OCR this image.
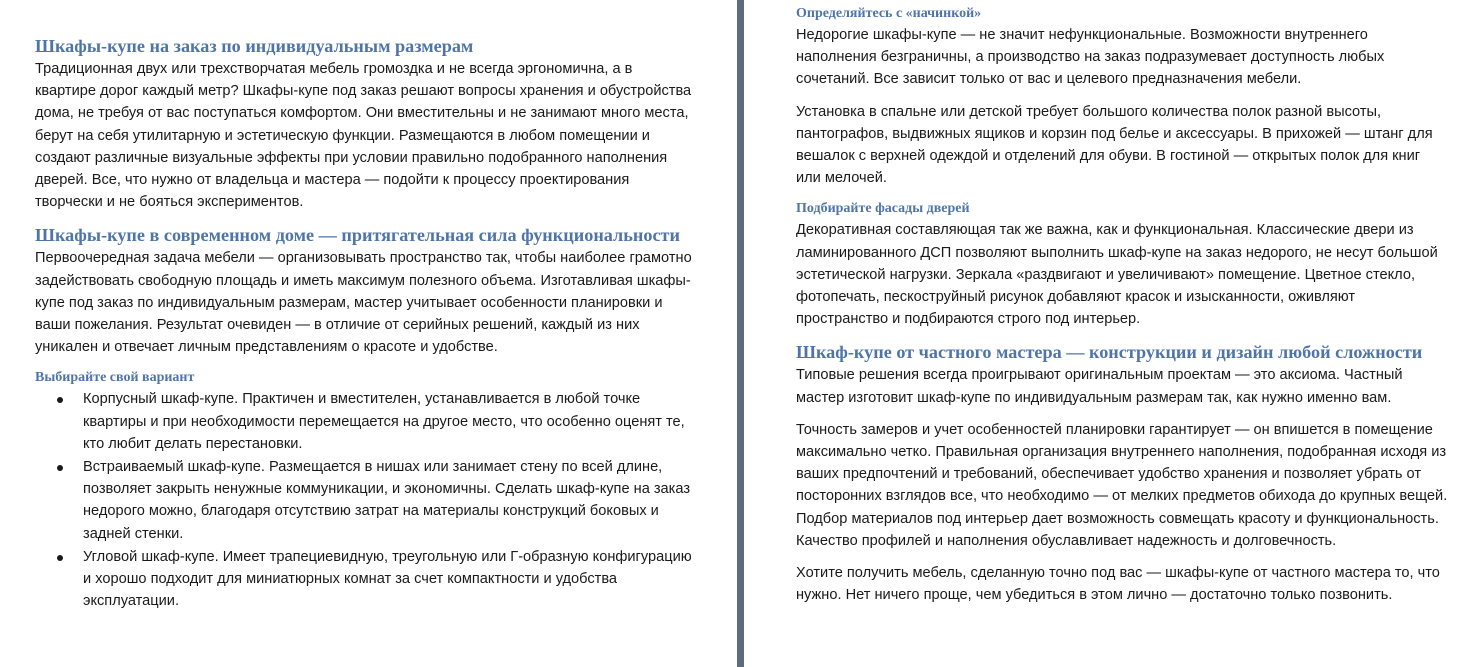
Шкафы-купе на заказ по индивидуальным размерам

Традиционная двух или трехстворчатая мебель громоздка и не всегда эргономична, а в квартире дорог каждый метр? Шкафы-купе под заказ решают вопросы хранения и обустройства дома, не требуя от вас поступаться комфортом. Они вместительны и не занимают много места, берут на себя утилитарную и эстетическую функции. Размещаются в любом помещении и создают различные визуальные эффекты при условии правильно подобранного наполнения дверей. Все, что нужно от владельца и мастера — подойти к процессу проектирования творчески и не бояться экспериментов.

Шкафы-купе в современном доме — притягательная сила функциональности

Первоочередная задача мебели — организовывать пространство так, чтобы наиболее грамотно задействовать свободную площадь и иметь максимум полезного объема. Изготавливая шкафы-купе под заказ по индивидуальным размерам, мастер учитывает особенности планировки и ваши пожелания. Результат очевиден — в отличие от серийных решений, каждый из них уникален и отвечает личным представлениям о красоте и удобстве.

Выбирайте свой вариант
Корпусный шкаф-купе. Практичен и вместителен, устанавливается в любой точке квартиры и при необходимости перемещается на другое место, что особенно оценят те, кто любит делать перестановки.
Встраиваемый шкаф-купе. Размещается в нишах или занимает стену по всей длине, позволяет закрыть ненужные коммуникации, и экономичны. Сделать шкаф-купе на заказ недорого можно, благодаря отсутствию затрат на материалы конструкций боковых и задней стенки.
Угловой шкаф-купе. Имеет трапециевидную, треугольную или Г-образную конфигурацию и хорошо подходит для миниатюрных комнат за счет компактности и удобства эксплуатации.
Определяйтесь с «начинкой»

Недорогие шкафы-купе — не значит нефункциональные. Возможности внутреннего наполнения безграничны, а производство на заказ подразумевает доступность любых сочетаний. Все зависит только от вас и целевого предназначения мебели.

Установка в спальне или детской требует большого количества полок разной высоты, пантографов, выдвижных ящиков и корзин под белье и аксессуары. В прихожей — штанг для вешалок с верхней одеждой и отделений для обуви. В гостиной — открытых полок для книг или мелочей.

Подбирайте фасады дверей

Декоративная составляющая так же важна, как и функциональная. Классические двери из ламинированного ДСП позволяют выполнить шкаф-купе на заказ недорого, не несут большой эстетической нагрузки. Зеркала «раздвигают и увеличивают» помещение. Цветное стекло, фотопечать, пескоструйный рисунок добавляют красок и изысканности, оживляют пространство и подбираются строго под интерьер.

Шкаф-купе от частного мастера — конструкции и дизайн любой сложности

Типовые решения всегда проигрывают оригинальным проектам — это аксиома. Частный мастер изготовит шкаф-купе по индивидуальным размерам так, как нужно именно вам.

Точность замеров и учет особенностей планировки гарантирует — он впишется в помещение максимально четко. Правильная организация внутреннего наполнения, подобранная исходя из ваших предпочтений и требований, обеспечивает удобство хранения и позволяет убрать от посторонних взглядов все, что необходимо — от мелких предметов обихода до крупных вещей. Подбор материалов под интерьер дает возможность совмещать красоту и функциональность. Качество профилей и наполнения обуславливает надежность и долговечность.

Хотите получить мебель, сделанную точно под вас — шкафы-купе от частного мастера то, что нужно. Нет ничего проще, чем убедиться в этом лично — достаточно только позвонить.
